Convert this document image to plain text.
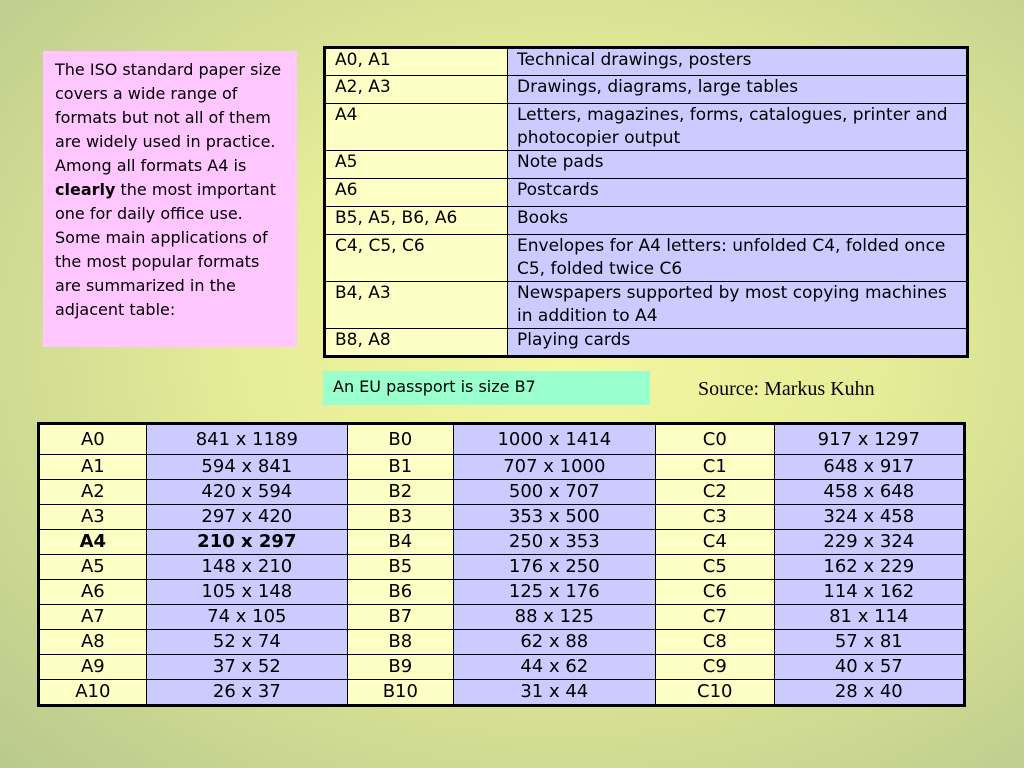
The ISO standard paper size covers a wide range of formats but not all of them are widely used in practice. Among all formats A4 is clearly the most important one for daily office use. Some main applications of the most popular formats are summarized in the adjacent table:
A0, A1	Technical drawings, posters
A2, A3	Drawings, diagrams, large tables
A4	Letters, magazines, forms, catalogues, printer and photocopier output
A5	Note pads
A6	Postcards
B5, A5, B6, A6	Books
C4, C5, C6	Envelopes for A4 letters: unfolded C4, folded once C5, folded twice C6
B4, A3	Newspapers supported by most copying machines in addition to A4
B8, A8	Playing cards
An EU passport is size B7	Source: Markus Kuhn
A0	841 x 1189	B0	1000 x 1414	C0	917 x 1297
A1	594 x 841	B1	707 x 1000	C1	648 x 917
A2	420 x 594	B2	500 x 707	C2	458 x 648
A3	297 x 420	B3	353 x 500	C3	324 x 458
A4	210 x 297	B4	250 x 353	C4	229 x 324
A5	148 x 210	B5	176 x 250	C5	162 x 229
A6	105 x 148	B6	125 x 176	C6	114 x 162
A7	74 x 105	B7	88 x 125	C7	81 x 114
A8	52 x 74	B8	62 x 88	C8	57 x 81
A9	37 x 52	B9	44 x 62	C9	40 x 57
A10	26 x 37	B10	31 x 44	C10	28 x 40
